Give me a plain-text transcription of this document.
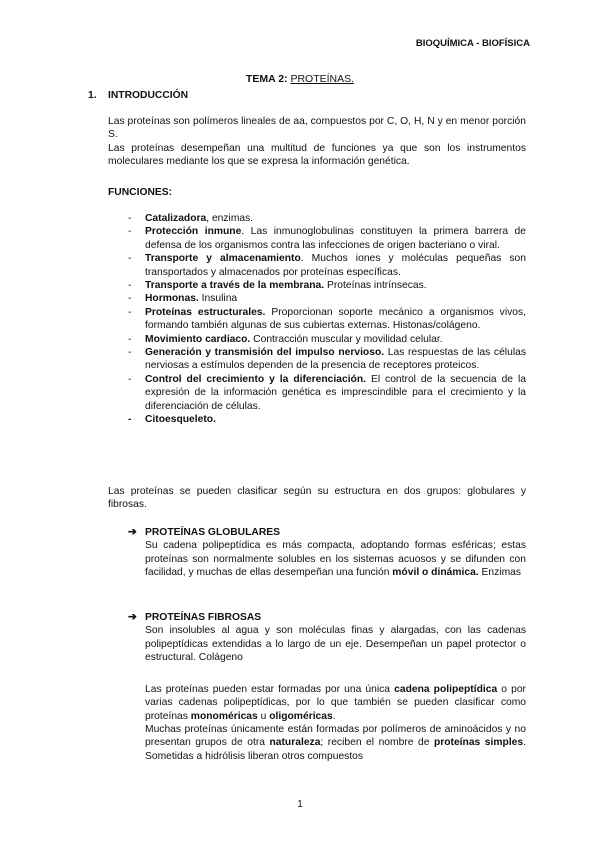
BIOQUÍMICA - BIOFÍSICA
TEMA 2: PROTEÍNAS.
1. INTRODUCCIÓN
Las proteínas son polímeros lineales de aa, compuestos por C, O, H, N y en menor porción S.
Las proteínas desempeñan una multitud de funciones ya que son los instrumentos moleculares mediante los que se expresa la información genética.
FUNCIONES:
- Catalizadora, enzimas.
- Protección inmune. Las inmunoglobulinas constituyen la primera barrera de defensa de los organismos contra las infecciones de origen bacteriano o viral.
- Transporte y almacenamiento. Muchos iones y moléculas pequeñas son transportados y almacenados por proteínas específicas.
- Transporte a través de la membrana. Proteínas intrínsecas.
- Hormonas. Insulina
- Proteínas estructurales. Proporcionan soporte mecánico a organismos vivos, formando también algunas de sus cubiertas externas. Histonas/colágeno.
- Movimiento cardíaco. Contracción muscular y movilidad celular.
- Generación y transmisión del impulso nervioso. Las respuestas de las células nerviosas a estímulos dependen de la presencia de receptores proteicos.
- Control del crecimiento y la diferenciación. El control de la secuencia de la expresión de la información genética es imprescindible para el crecimiento y la diferenciación de células.
- Citoesqueleto.
Las proteínas se pueden clasificar según su estructura en dos grupos: globulares y fibrosas.
➔ PROTEÍNAS GLOBULARES
Su cadena polipeptídica es más compacta, adoptando formas esféricas; estas proteínas son normalmente solubles en los sistemas acuosos y se difunden con facilidad, y muchas de ellas desempeñan una función móvil o dinámica. Enzimas
➔ PROTEÍNAS FIBROSAS
Son insolubles al agua y son moléculas finas y alargadas, con las cadenas polipeptídicas extendidas a lo largo de un eje. Desempeñan un papel protector o estructural. Colágeno
Las proteínas pueden estar formadas por una única cadena polipeptídica o por varias cadenas polipeptídicas, por lo que también se pueden clasificar como proteínas monoméricas u oligoméricas.
Muchas proteínas únicamente están formadas por polímeros de aminoácidos y no presentan grupos de otra naturaleza; reciben el nombre de proteínas simples. Sometidas a hidrólisis liberan otros compuestos
1
